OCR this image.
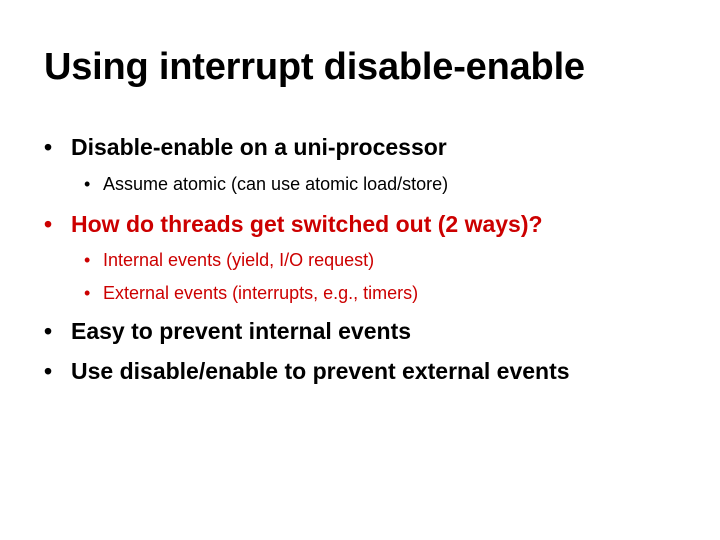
Using interrupt disable-enable
• Disable-enable on a uni-processor
• Assume atomic (can use atomic load/store)
• How do threads get switched out (2 ways)?
• Internal events (yield, I/O request)
• External events (interrupts, e.g., timers)
• Easy to prevent internal events
• Use disable/enable to prevent external events
